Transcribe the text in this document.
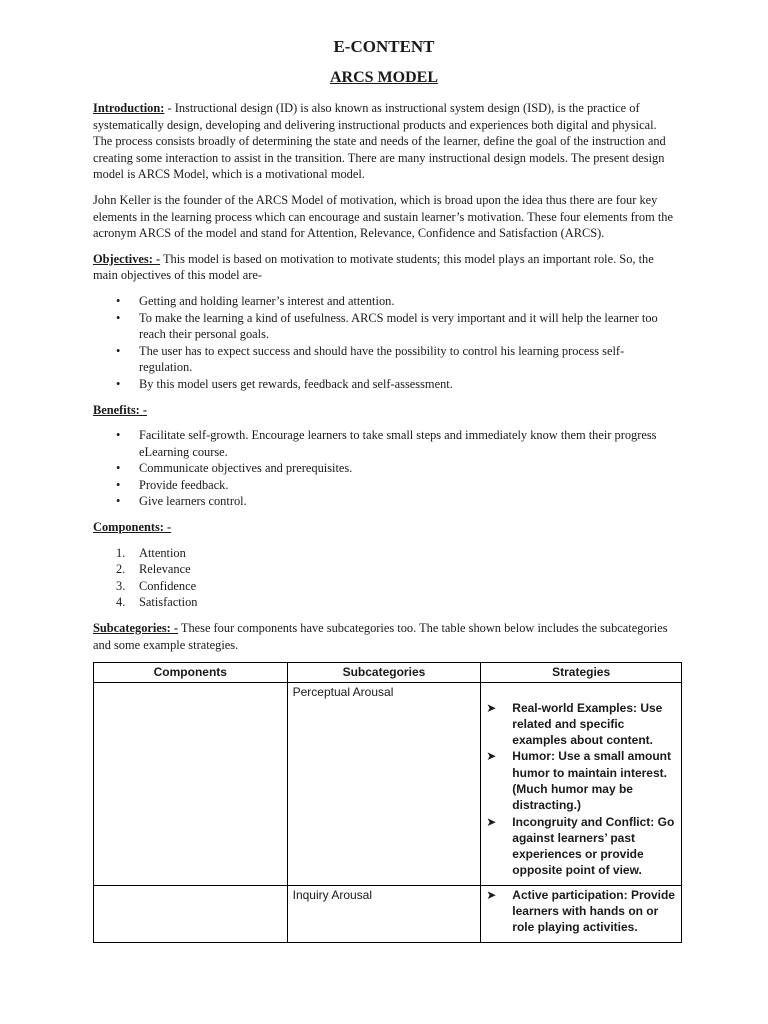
E-CONTENT
ARCS MODEL

Introduction: - Instructional design (ID) is also known as instructional system design (ISD), is the practice of systematically design, developing and delivering instructional products and experiences both digital and physical. The process consists broadly of determining the state and needs of the learner, define the goal of the instruction and creating some interaction to assist in the transition. There are many instructional design models. The present design model is ARCS Model, which is a motivational model.

John Keller is the founder of the ARCS Model of motivation, which is broad upon the idea thus there are four key elements in the learning process which can encourage and sustain learner’s motivation. These four elements from the acronym ARCS of the model and stand for Attention, Relevance, Confidence and Satisfaction (ARCS).

Objectives: - This model is based on motivation to motivate students; this model plays an important role. So, the main objectives of this model are-

• Getting and holding learner’s interest and attention.
• To make the learning a kind of usefulness. ARCS model is very important and it will help the learner too reach their personal goals.
• The user has to expect success and should have the possibility to control his learning process self-regulation.
• By this model users get rewards, feedback and self-assessment.

Benefits: -

• Facilitate self-growth. Encourage learners to take small steps and immediately know them their progress eLearning course.
• Communicate objectives and prerequisites.
• Provide feedback.
• Give learners control.

Components: -

1. Attention
2. Relevance
3. Confidence
4. Satisfaction

Subcategories: - These four components have subcategories too. The table shown below includes the subcategories and some example strategies.

Components	Subcategories	Strategies
	Perceptual Arousal	➤ Real-world Examples: Use related and specific examples about content.
➤ Humor: Use a small amount humor to maintain interest. (Much humor may be distracting.)
➤ Incongruity and Conflict: Go against learners’ past experiences or provide opposite point of view.

	Inquiry Arousal	➤ Active participation: Provide learners with hands on or role playing activities.
